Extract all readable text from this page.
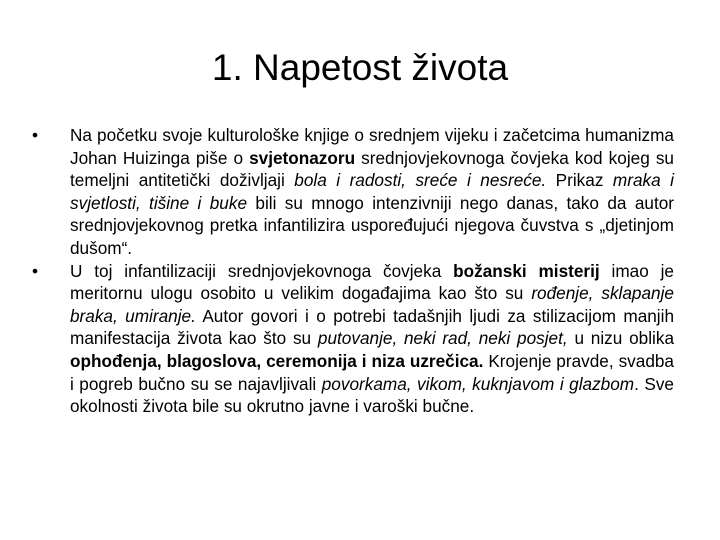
1. Napetost života
•	Na početku svoje kulturološke knjige o srednjem vijeku i začetcima humanizma Johan Huizinga piše o svjetonazoru srednjovjekovnoga čovjeka kod kojeg su temeljni antitetički doživljaji bola i radosti, sreće i nesreće. Prikaz mraka i svjetlosti, tišine i buke bili su mnogo intenzivniji nego danas, tako da autor srednjovjekovnog pretka infantilizira uspoređujući njegova čuvstva s „djetinjom dušom“.
•	U toj infantilizaciji srednjovjekovnoga čovjeka božanski misterij imao je meritornu ulogu osobito u velikim događajima kao što su rođenje, sklapanje braka, umiranje. Autor govori i o potrebi tadašnjih ljudi za stilizacijom manjih manifestacija života kao što su putovanje, neki rad, neki posjet, u nizu oblika ophođenja, blagoslova, ceremonija i niza uzrečica. Krojenje pravde, svadba i pogreb bučno su se najavljivali povorkama, vikom, kuknjavom i glazbom. Sve okolnosti života bile su okrutno javne i varoški bučne.
